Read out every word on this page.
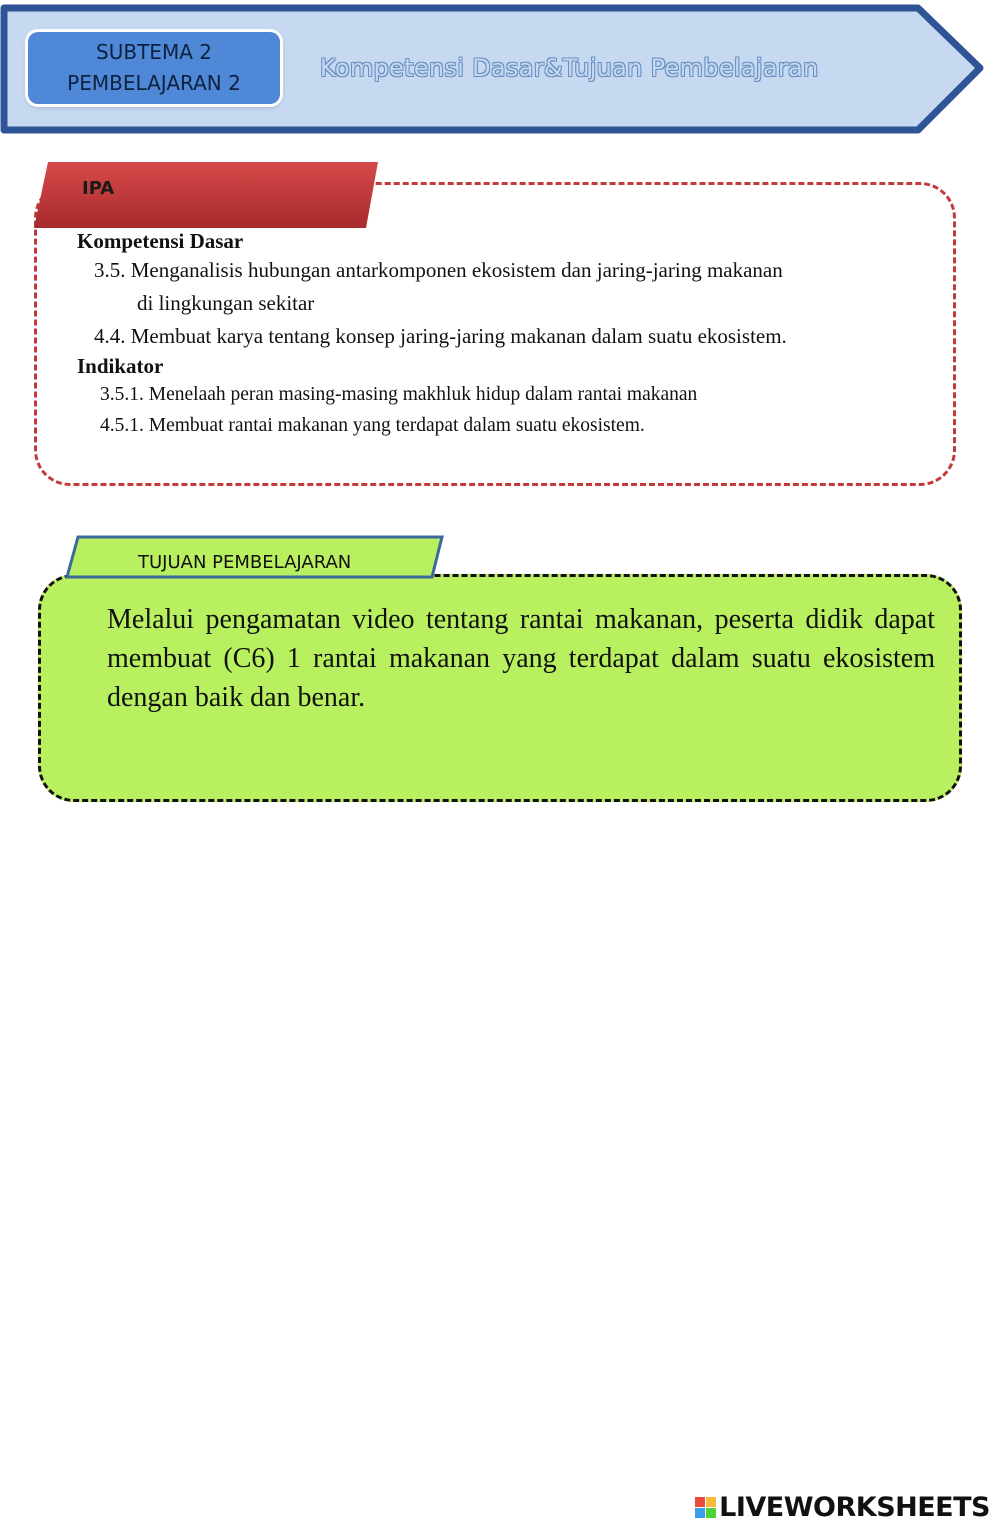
SUBTEMA 2
PEMBELAJARAN 2
Kompetensi Dasar&Tujuan Pembelajaran
IPA
Kompetensi Dasar
3.5. Menganalisis hubungan antarkomponen ekosistem dan jaring-jaring makanan
di lingkungan sekitar
4.4. Membuat karya tentang konsep jaring-jaring makanan dalam suatu ekosistem.
Indikator
3.5.1. Menelaah peran masing-masing makhluk hidup dalam rantai makanan
4.5.1. Membuat rantai makanan yang terdapat dalam suatu ekosistem.
TUJUAN PEMBELAJARAN
Melalui pengamatan video tentang rantai makanan, peserta didik dapat membuat (C6) 1 rantai makanan yang terdapat dalam suatu ekosistem dengan baik dan benar.
LIVEWORKSHEETS
